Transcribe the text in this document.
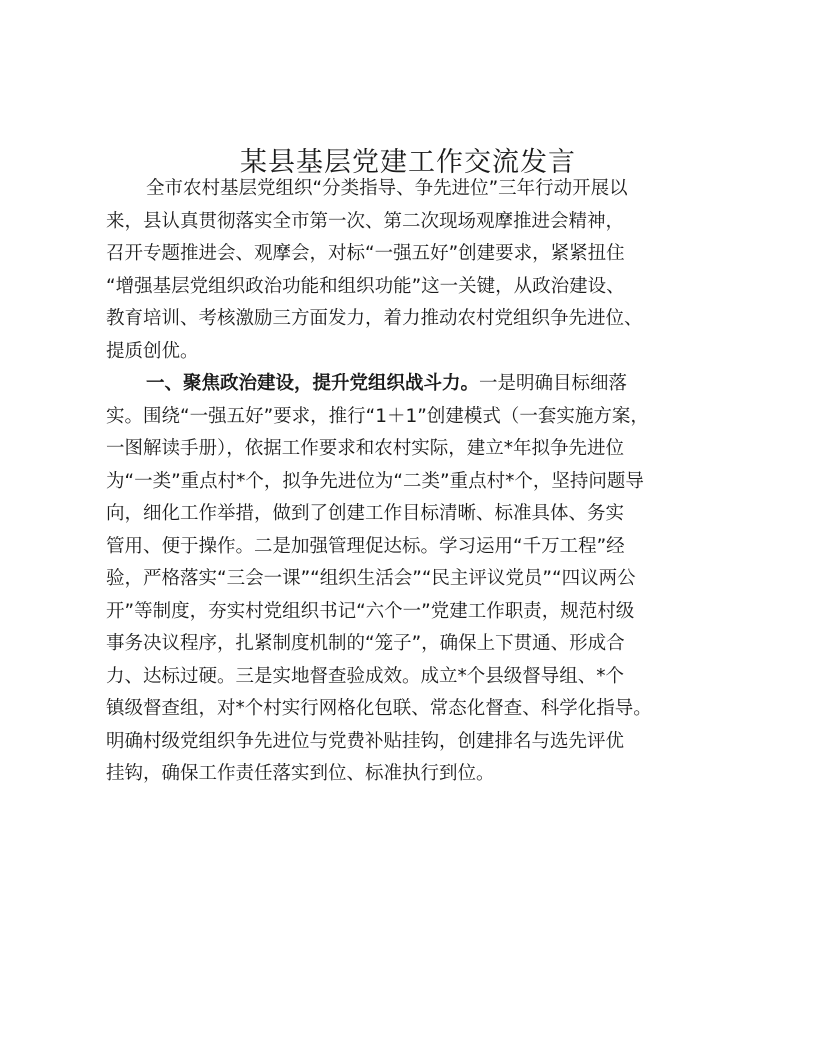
某县基层党建工作交流发言
全市农村基层党组织“分类指导、争先进位”三年行动开展以
来，县认真贯彻落实全市第一次、第二次现场观摩推进会精神，
召开专题推进会、观摩会，对标“一强五好”创建要求，紧紧扭住
“增强基层党组织政治功能和组织功能”这一关键，从政治建设、
教育培训、考核激励三方面发力，着力推动农村党组织争先进位、
提质创优。
一、聚焦政治建设，提升党组织战斗力。一是明确目标细落
实。围绕“一强五好”要求，推行“1＋1”创建模式（一套实施方案，
一图解读手册），依据工作要求和农村实际，建立*年拟争先进位
为“一类”重点村*个，拟争先进位为“二类”重点村*个，坚持问题导
向，细化工作举措，做到了创建工作目标清晰、标准具体、务实
管用、便于操作。二是加强管理促达标。学习运用“千万工程”经
验，严格落实“三会一课”“组织生活会”“民主评议党员”“四议两公
开”等制度，夯实村党组织书记“六个一”党建工作职责，规范村级
事务决议程序，扎紧制度机制的“笼子”，确保上下贯通、形成合
力、达标过硬。三是实地督查验成效。成立*个县级督导组、*个
镇级督查组，对*个村实行网格化包联、常态化督查、科学化指导。
明确村级党组织争先进位与党费补贴挂钩，创建排名与选先评优
挂钩，确保工作责任落实到位、标准执行到位。
